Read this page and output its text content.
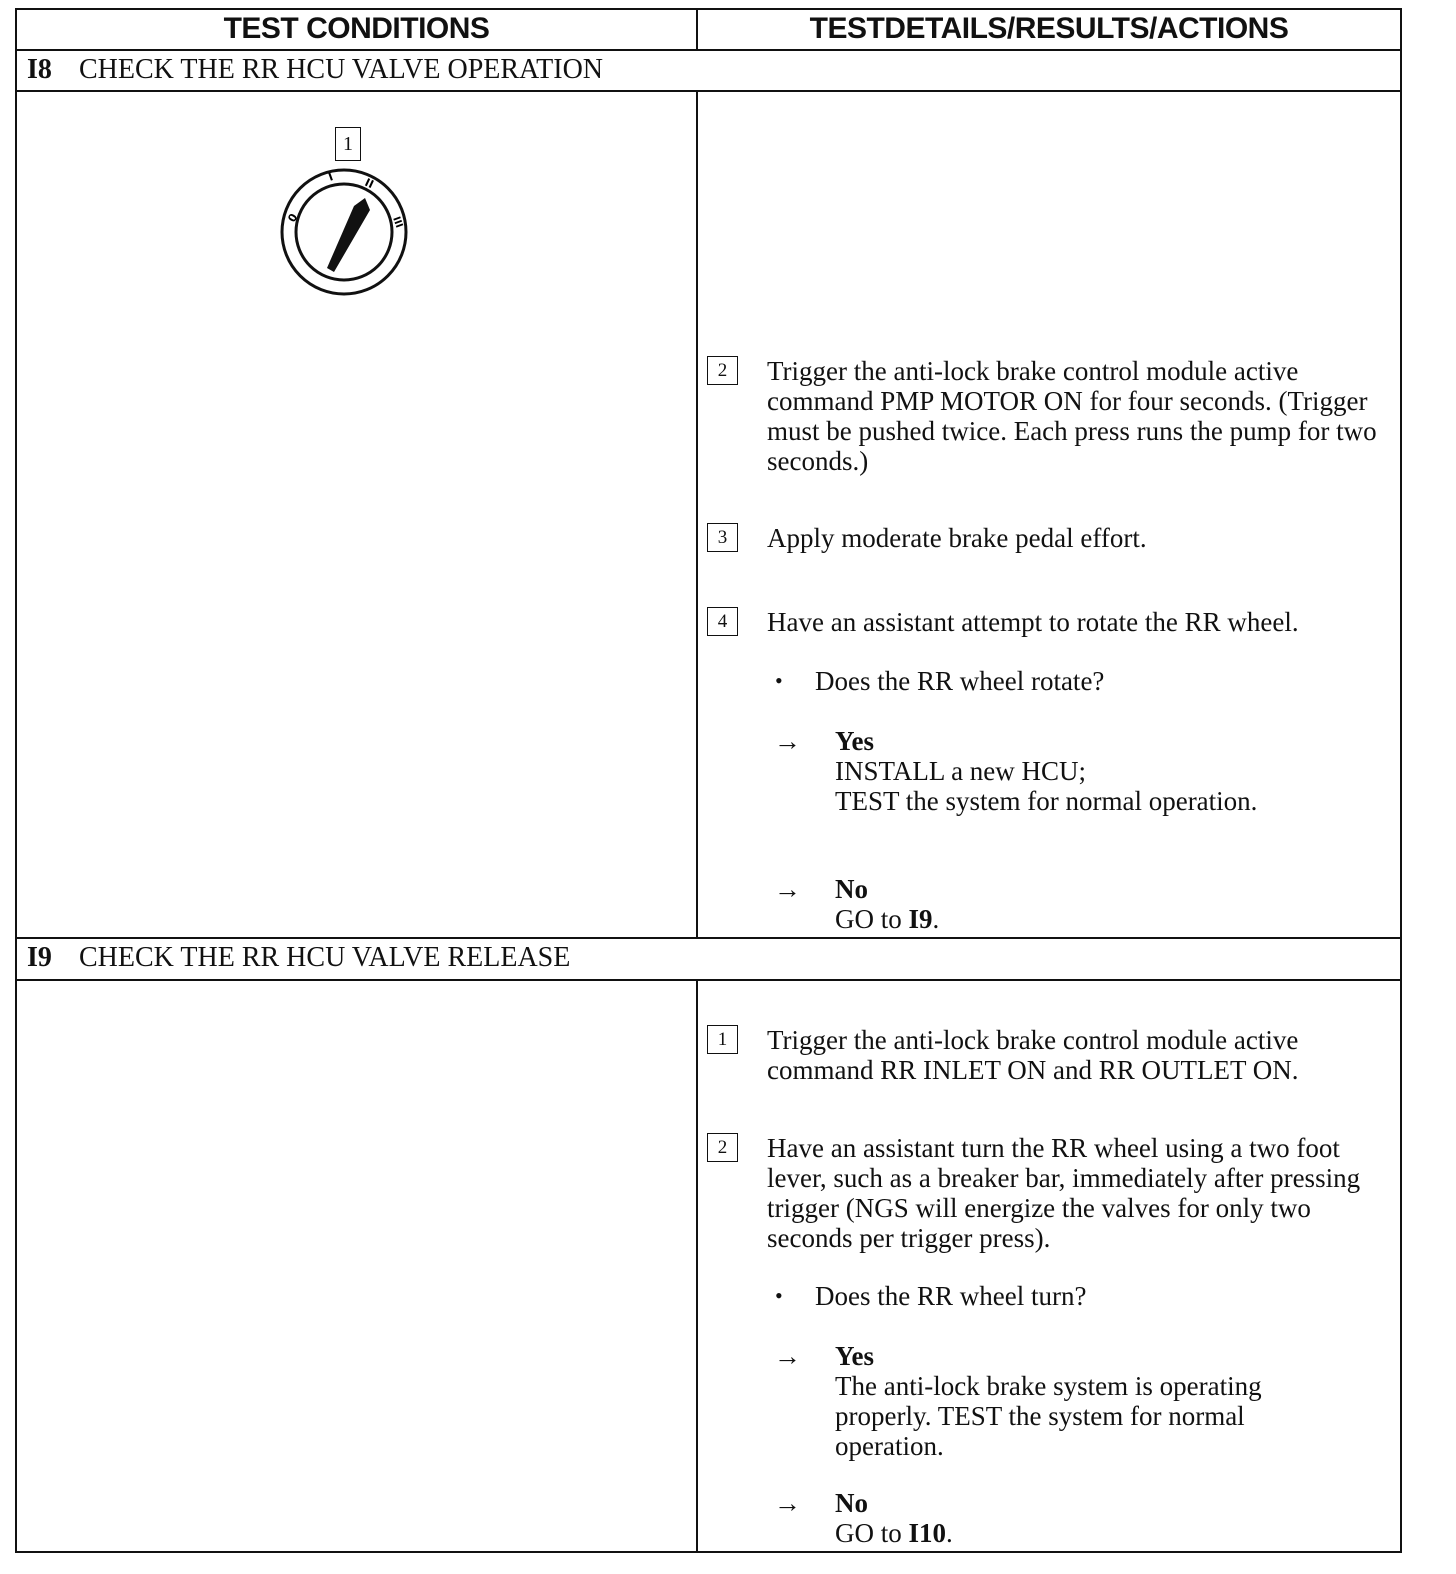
TEST CONDITIONS	TESTDETAILS/RESULTS/ACTIONS
I8 CHECK THE RR HCU VALVE OPERATION
1
0
I	II
III
2	Trigger the anti-lock brake control module active command PMP MOTOR ON for four seconds. (Trigger must be pushed twice. Each press runs the pump for two seconds.)
3	Apply moderate brake pedal effort.
4	Have an assistant attempt to rotate the RR wheel.
• Does the RR wheel rotate?
→ Yes
INSTALL a new HCU;
TEST the system for normal operation.
→ No
GO to I9.
I9 CHECK THE RR HCU VALVE RELEASE
1	Trigger the anti-lock brake control module active command RR INLET ON and RR OUTLET ON.
2	Have an assistant turn the RR wheel using a two foot lever, such as a breaker bar, immediately after pressing trigger (NGS will energize the valves for only two seconds per trigger press).
• Does the RR wheel turn?
→ Yes
The anti-lock brake system is operating properly. TEST the system for normal operation.
→ No
GO to I10.
